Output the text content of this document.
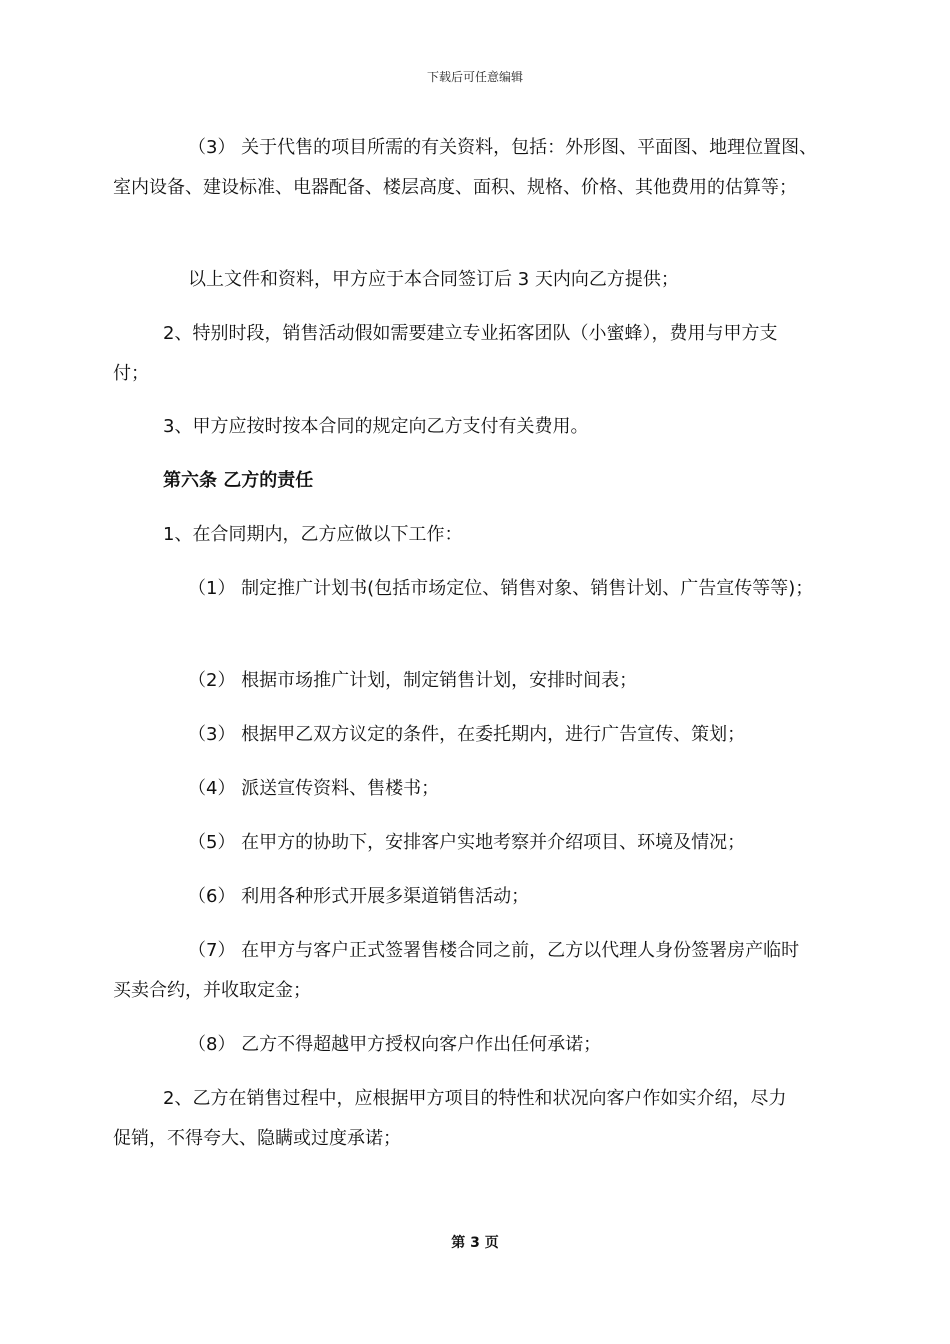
下载后可任意编辑
（3） 关于代售的项目所需的有关资料，包括：外形图、平面图、地理位置图、
室内设备、建设标准、电器配备、楼层高度、面积、规格、价格、其他费用的估算等；
以上文件和资料，甲方应于本合同签订后 3 天内向乙方提供；
2、特别时段，销售活动假如需要建立专业拓客团队（小蜜蜂），费用与甲方支
付；
3、甲方应按时按本合同的规定向乙方支付有关费用。
第六条 乙方的责任
1、在合同期内，乙方应做以下工作：
（1） 制定推广计划书(包括市场定位、销售对象、销售计划、广告宣传等等)；
（2） 根据市场推广计划，制定销售计划，安排时间表；
（3） 根据甲乙双方议定的条件，在委托期内，进行广告宣传、策划；
（4） 派送宣传资料、售楼书；
（5） 在甲方的协助下，安排客户实地考察并介绍项目、环境及情况；
（6） 利用各种形式开展多渠道销售活动；
（7） 在甲方与客户正式签署售楼合同之前，乙方以代理人身份签署房产临时
买卖合约，并收取定金；
（8） 乙方不得超越甲方授权向客户作出任何承诺；
2、乙方在销售过程中，应根据甲方项目的特性和状况向客户作如实介绍，尽力
促销，不得夸大、隐瞒或过度承诺；
第 3 页
